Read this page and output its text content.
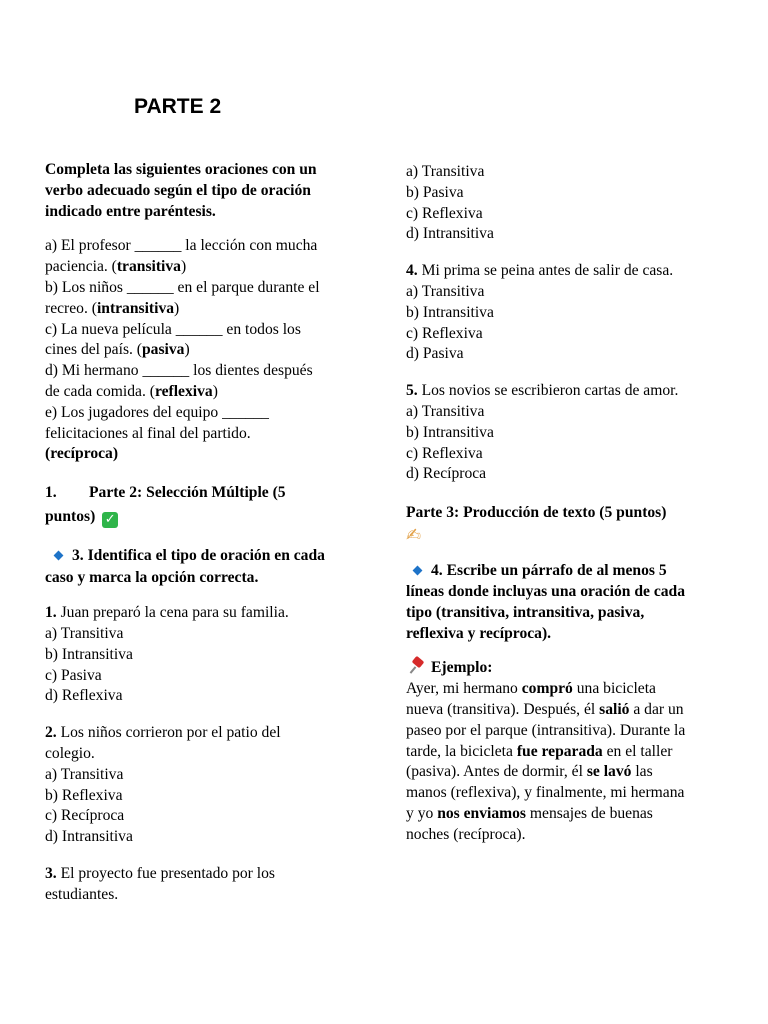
PARTE 2
Completa las siguientes oraciones con un
verbo adecuado según el tipo de oración
indicado entre paréntesis.
a) El profesor ______ la lección con mucha
paciencia. (transitiva)
b) Los niños ______ en el parque durante el
recreo. (intransitiva)
c) La nueva película ______ en todos los
cines del país. (pasiva)
d) Mi hermano ______ los dientes después
de cada comida. (reflexiva)
e) Los jugadores del equipo ______
felicitaciones al final del partido.
(recíproca)
1. Parte 2: Selección Múltiple (5
puntos) ✓
3. Identifica el tipo de oración en cada
caso y marca la opción correcta.
1. Juan preparó la cena para su familia.
a) Transitiva
b) Intransitiva
c) Pasiva
d) Reflexiva
2. Los niños corrieron por el patio del
colegio.
a) Transitiva
b) Reflexiva
c) Recíproca
d) Intransitiva
3. El proyecto fue presentado por los
estudiantes.
a) Transitiva
b) Pasiva
c) Reflexiva
d) Intransitiva
4. Mi prima se peina antes de salir de casa.
a) Transitiva
b) Intransitiva
c) Reflexiva
d) Pasiva
5. Los novios se escribieron cartas de amor.
a) Transitiva
b) Intransitiva
c) Reflexiva
d) Recíproca
Parte 3: Producción de texto (5 puntos)
✍
4. Escribe un párrafo de al menos 5
líneas donde incluyas una oración de cada
tipo (transitiva, intransitiva, pasiva,
reflexiva y recíproca).
Ejemplo:
Ayer, mi hermano compró una bicicleta
nueva (transitiva). Después, él salió a dar un
paseo por el parque (intransitiva). Durante la
tarde, la bicicleta fue reparada en el taller
(pasiva). Antes de dormir, él se lavó las
manos (reflexiva), y finalmente, mi hermana
y yo nos enviamos mensajes de buenas
noches (recíproca).
